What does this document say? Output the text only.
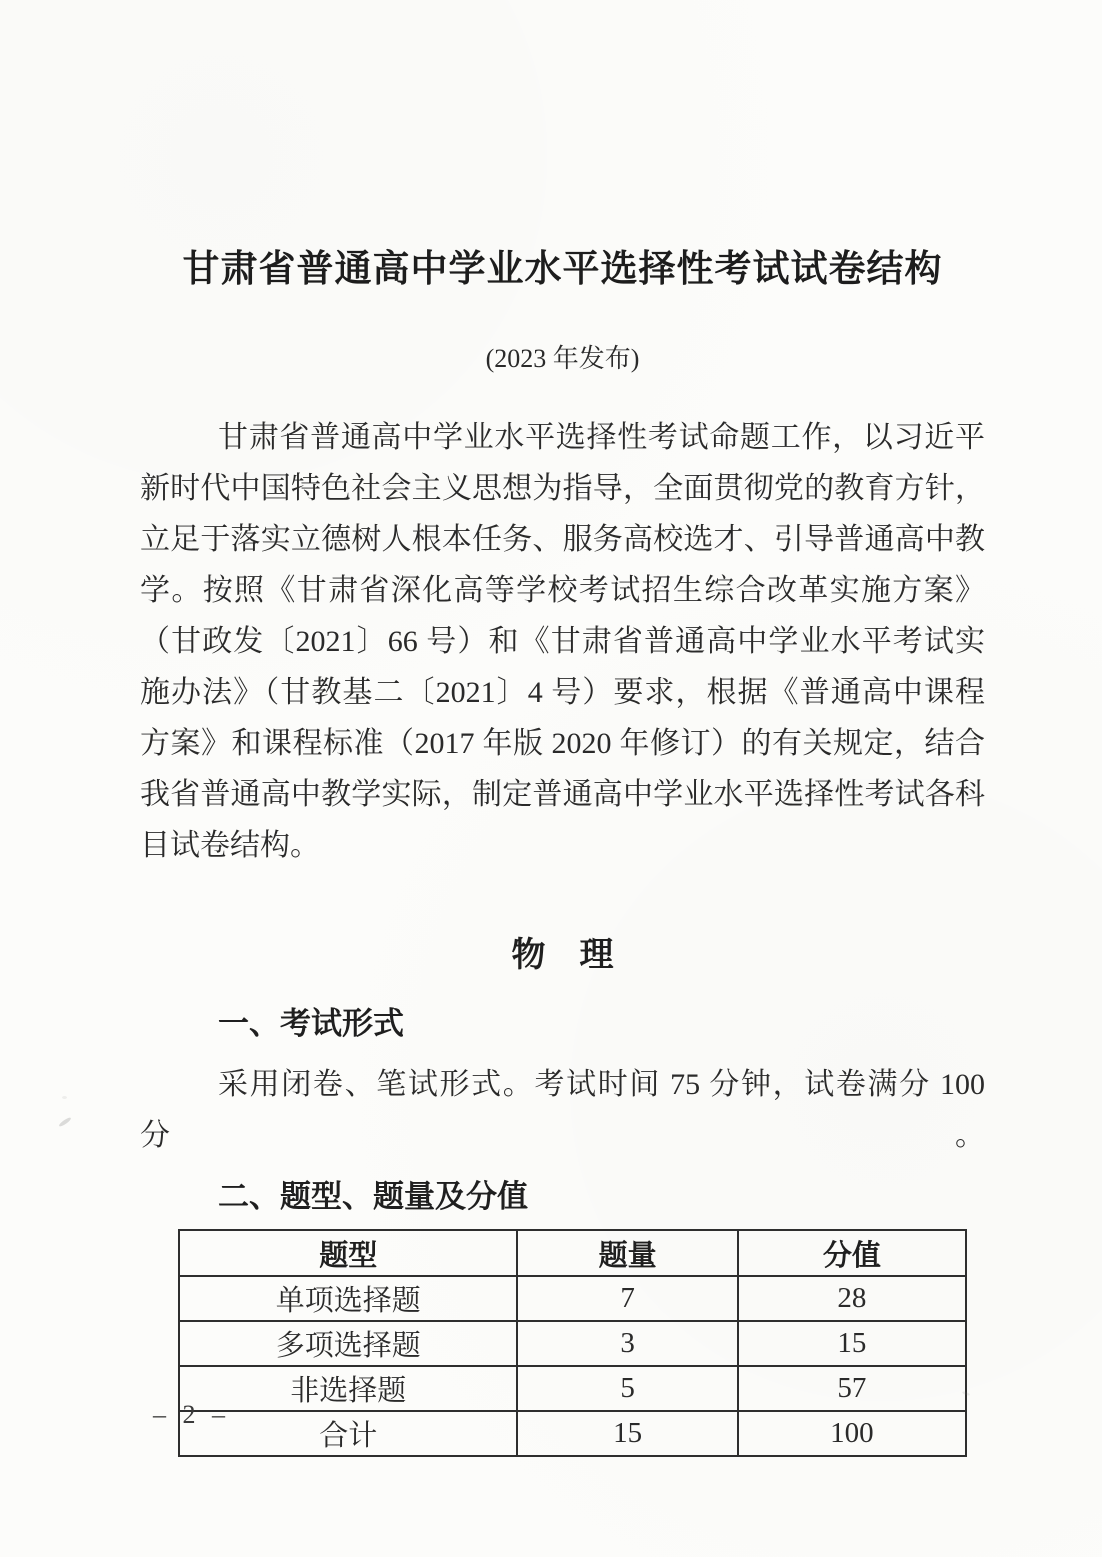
甘肃省普通高中学业水平选择性考试试卷结构
(2023 年发布)

甘肃省普通高中学业水平选择性考试命题工作，以习近平新时代中国特色社会主义思想为指导，全面贯彻党的教育方针，立足于落实立德树人根本任务、服务高校选才、引导普通高中教学。按照《甘肃省深化高等学校考试招生综合改革实施方案》（甘政发〔2021〕66 号）和《甘肃省普通高中学业水平考试实施办法》（甘教基二〔2021〕4 号）要求，根据《普通高中课程方案》和课程标准（2017 年版 2020 年修订）的有关规定，结合我省普通高中教学实际，制定普通高中学业水平选择性考试各科目试卷结构。

物　理
一、考试形式

采用闭卷、笔试形式。考试时间 75 分钟，试卷满分 100 分。

二、题型、题量及分值
题型	题量	分值
单项选择题	7	28
多项选择题	3	15
非选择题	5	57
合计	15	100
– 2 –
